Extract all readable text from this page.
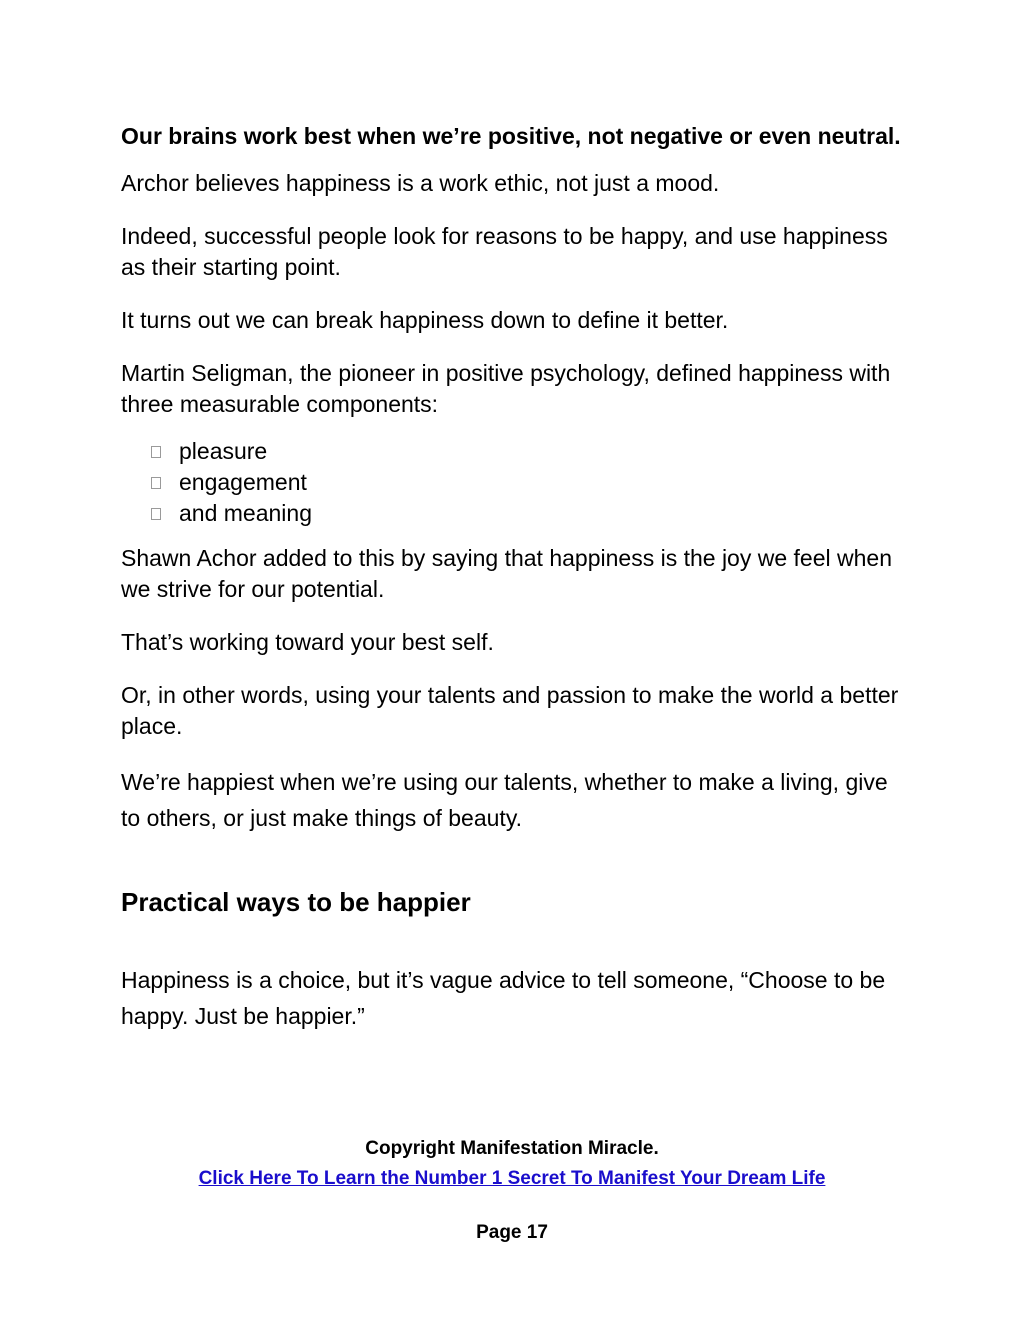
Our brains work best when we’re positive, not negative or even neutral.

Archor believes happiness is a work ethic, not just a mood.

Indeed, successful people look for reasons to be happy, and use happiness as their starting point.

It turns out we can break happiness down to define it better.

Martin Seligman, the pioneer in positive psychology, defined happiness with three measurable components:

pleasure
engagement
and meaning

Shawn Achor added to this by saying that happiness is the joy we feel when we strive for our potential.

That’s working toward your best self.

Or, in other words, using your talents and passion to make the world a better place.

We’re happiest when we’re using our talents, whether to make a living, give to others, or just make things of beauty.

Practical ways to be happier

Happiness is a choice, but it’s vague advice to tell someone, “Choose to be happy. Just be happier.”

Copyright Manifestation Miracle.
Click Here To Learn the Number 1 Secret To Manifest Your Dream Life
Page 17
